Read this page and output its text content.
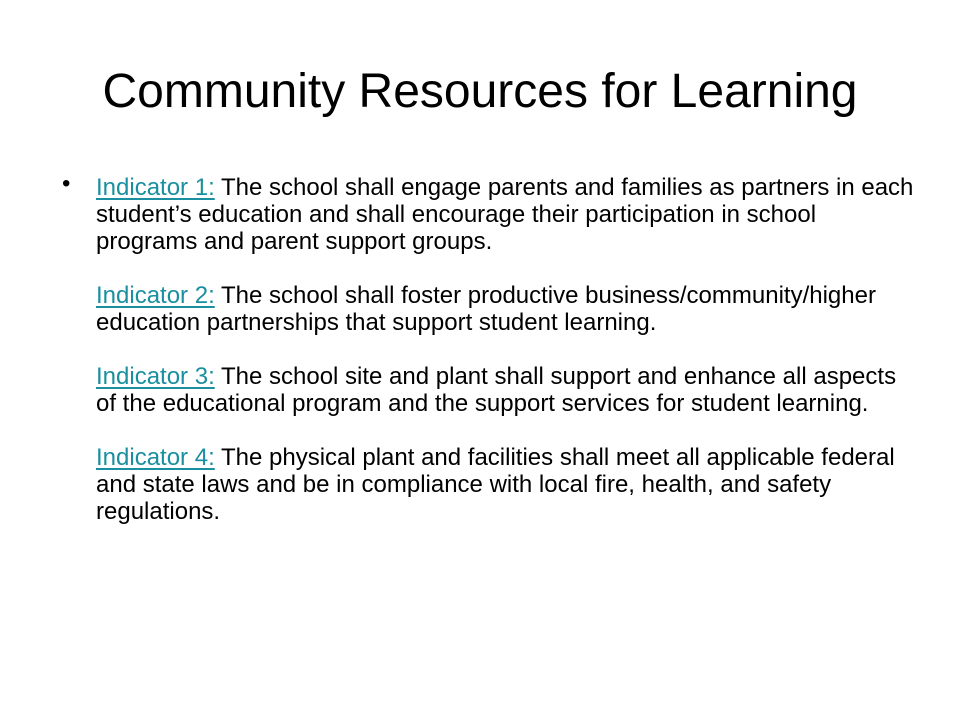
Community Resources for Learning
• Indicator 1: The school shall engage parents and families as partners in each student’s education and shall encourage their participation in school programs and parent support groups.

Indicator 2: The school shall foster productive business/community/higher education partnerships that support student learning.

Indicator 3: The school site and plant shall support and enhance all aspects of the educational program and the support services for student learning.

Indicator 4: The physical plant and facilities shall meet all applicable federal and state laws and be in compliance with local fire, health, and safety regulations.
